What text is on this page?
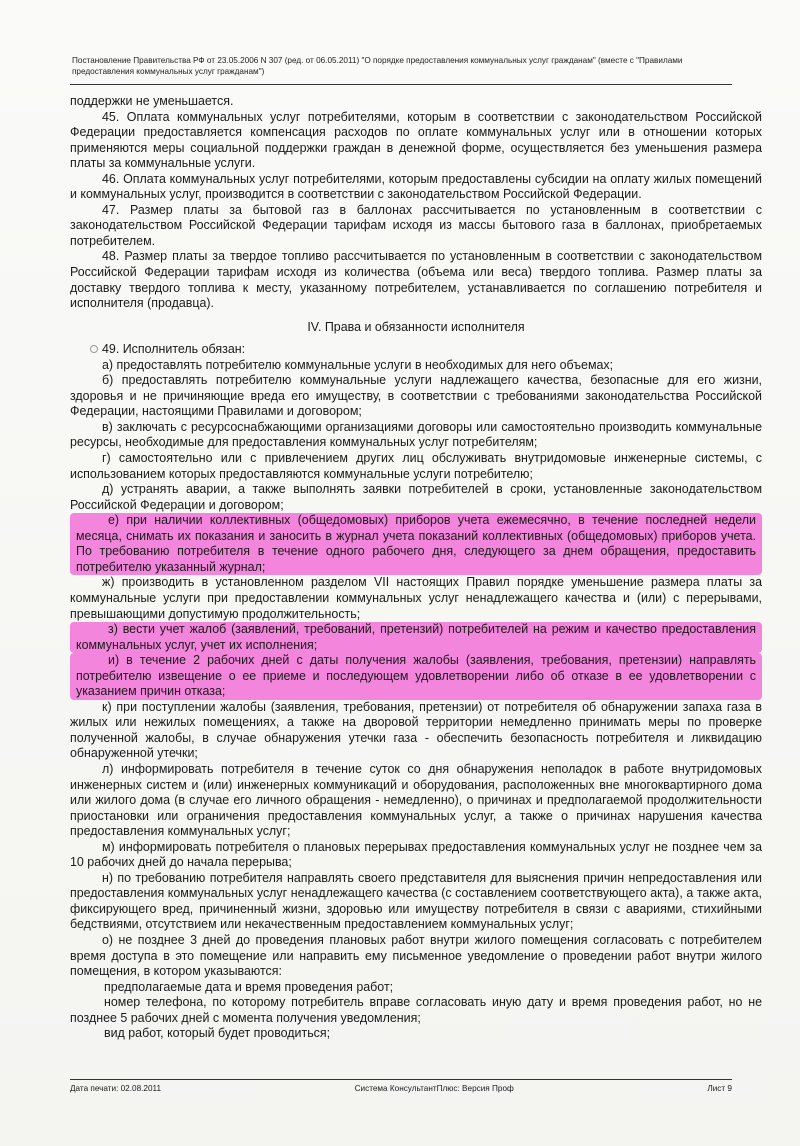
Постановление Правительства РФ от 23.05.2006 N 307 (ред. от 06.05.2011) "О порядке предоставления коммунальных услуг гражданам" (вместе с "Правилами предоставления коммунальных услуг гражданам")

поддержки не уменьшается.

45. Оплата коммунальных услуг потребителями, которым в соответствии с законодательством Российской Федерации предоставляется компенсация расходов по оплате коммунальных услуг или в отношении которых применяются меры социальной поддержки граждан в денежной форме, осуществляется без уменьшения размера платы за коммунальные услуги.

46. Оплата коммунальных услуг потребителями, которым предоставлены субсидии на оплату жилых помещений и коммунальных услуг, производится в соответствии с законодательством Российской Федерации.

47. Размер платы за бытовой газ в баллонах рассчитывается по установленным в соответствии с законодательством Российской Федерации тарифам исходя из массы бытового газа в баллонах, приобретаемых потребителем.

48. Размер платы за твердое топливо рассчитывается по установленным в соответствии с законодательством Российской Федерации тарифам исходя из количества (объема или веса) твердого топлива. Размер платы за доставку твердого топлива к месту, указанному потребителем, устанавливается по соглашению потребителя и исполнителя (продавца).

IV. Права и обязанности исполнителя

49. Исполнитель обязан:

а) предоставлять потребителю коммунальные услуги в необходимых для него объемах;

б) предоставлять потребителю коммунальные услуги надлежащего качества, безопасные для его жизни, здоровья и не причиняющие вреда его имуществу, в соответствии с требованиями законодательства Российской Федерации, настоящими Правилами и договором;

в) заключать с ресурсоснабжающими организациями договоры или самостоятельно производить коммунальные ресурсы, необходимые для предоставления коммунальных услуг потребителям;

г) самостоятельно или с привлечением других лиц обслуживать внутридомовые инженерные системы, с использованием которых предоставляются коммунальные услуги потребителю;

д) устранять аварии, а также выполнять заявки потребителей в сроки, установленные законодательством Российской Федерации и договором;

е) при наличии коллективных (общедомовых) приборов учета ежемесячно, в течение последней недели месяца, снимать их показания и заносить в журнал учета показаний коллективных (общедомовых) приборов учета. По требованию потребителя в течение одного рабочего дня, следующего за днем обращения, предоставить потребителю указанный журнал;

ж) производить в установленном разделом VII настоящих Правил порядке уменьшение размера платы за коммунальные услуги при предоставлении коммунальных услуг ненадлежащего качества и (или) с перерывами, превышающими допустимую продолжительность;

з) вести учет жалоб (заявлений, требований, претензий) потребителей на режим и качество предоставления коммунальных услуг, учет их исполнения;

и) в течение 2 рабочих дней с даты получения жалобы (заявления, требования, претензии) направлять потребителю извещение о ее приеме и последующем удовлетворении либо об отказе в ее удовлетворении с указанием причин отказа;

к) при поступлении жалобы (заявления, требования, претензии) от потребителя об обнаружении запаха газа в жилых или нежилых помещениях, а также на дворовой территории немедленно принимать меры по проверке полученной жалобы, в случае обнаружения утечки газа - обеспечить безопасность потребителя и ликвидацию обнаруженной утечки;

л) информировать потребителя в течение суток со дня обнаружения неполадок в работе внутридомовых инженерных систем и (или) инженерных коммуникаций и оборудования, расположенных вне многоквартирного дома или жилого дома (в случае его личного обращения - немедленно), о причинах и предполагаемой продолжительности приостановки или ограничения предоставления коммунальных услуг, а также о причинах нарушения качества предоставления коммунальных услуг;

м) информировать потребителя о плановых перерывах предоставления коммунальных услуг не позднее чем за 10 рабочих дней до начала перерыва;

н) по требованию потребителя направлять своего представителя для выяснения причин непредоставления или предоставления коммунальных услуг ненадлежащего качества (с составлением соответствующего акта), а также акта, фиксирующего вред, причиненный жизни, здоровью или имуществу потребителя в связи с авариями, стихийными бедствиями, отсутствием или некачественным предоставлением коммунальных услуг;

о) не позднее 3 дней до проведения плановых работ внутри жилого помещения согласовать с потребителем время доступа в это помещение или направить ему письменное уведомление о проведении работ внутри жилого помещения, в котором указываются:

предполагаемые дата и время проведения работ;

номер телефона, по которому потребитель вправе согласовать иную дату и время проведения работ, но не позднее 5 рабочих дней с момента получения уведомления;

вид работ, который будет проводиться;

Дата печати: 02.08.2011	Система КонсультантПлюс: Версия Проф	Лист 9
